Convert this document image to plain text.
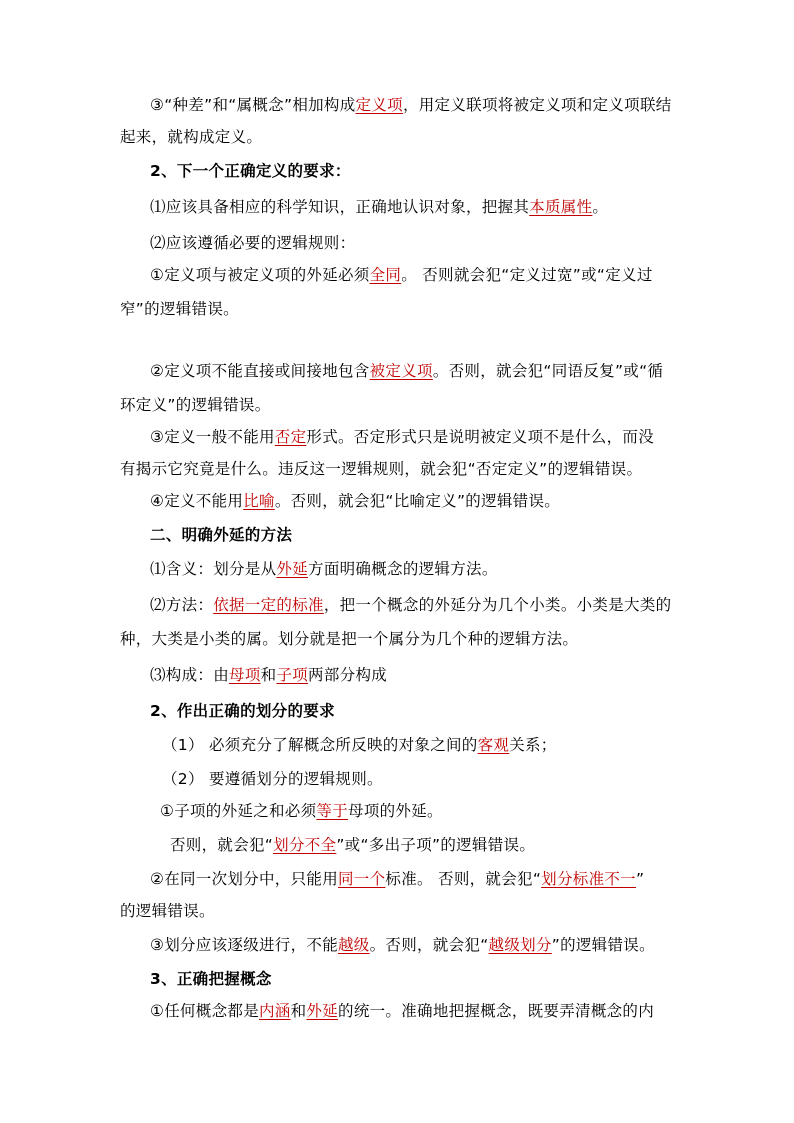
③“种差”和“属概念”相加构成定义项，用定义联项将被定义项和定义项联结
起来，就构成定义。
2、下一个正确定义的要求：
⑴应该具备相应的科学知识，正确地认识对象，把握其本质属性。
⑵应该遵循必要的逻辑规则：
①定义项与被定义项的外延必须全同。 否则就会犯“定义过宽”或“定义过
窄”的逻辑错误。
②定义项不能直接或间接地包含被定义项。否则，就会犯“同语反复”或“循
环定义”的逻辑错误。
③定义一般不能用否定形式。否定形式只是说明被定义项不是什么，而没
有揭示它究竟是什么。违反这一逻辑规则，就会犯“否定定义”的逻辑错误。
④定义不能用比喻。否则，就会犯“比喻定义”的逻辑错误。
二、明确外延的方法
⑴含义：划分是从外延方面明确概念的逻辑方法。
⑵方法：依据一定的标准，把一个概念的外延分为几个小类。小类是大类的
种，大类是小类的属。划分就是把一个属分为几个种的逻辑方法。
⑶构成：由母项和子项两部分构成
2、作出正确的划分的要求
（1） 必须充分了解概念所反映的对象之间的客观关系；
（2） 要遵循划分的逻辑规则。
①子项的外延之和必须等于母项的外延。
否则，就会犯“划分不全”或“多出子项”的逻辑错误。
②在同一次划分中，只能用同一个标准。 否则，就会犯“划分标准不一”
的逻辑错误。
③划分应该逐级进行，不能越级。否则，就会犯“越级划分”的逻辑错误。
3、正确把握概念
①任何概念都是内涵和外延的统一。准确地把握概念，既要弄清概念的内
